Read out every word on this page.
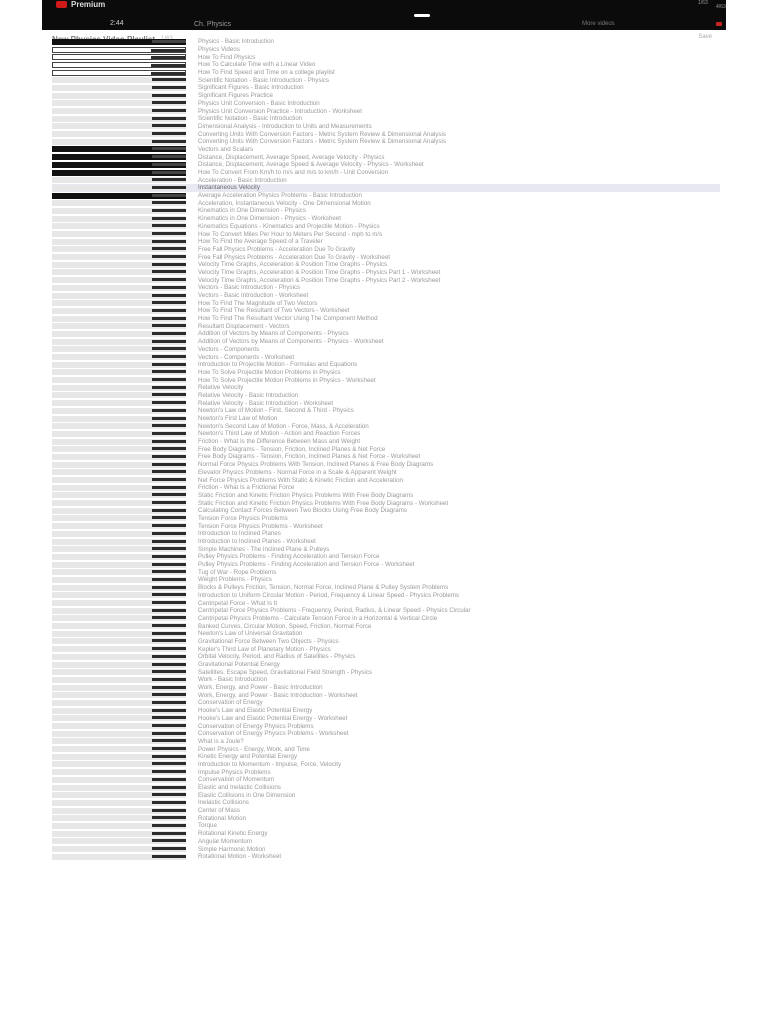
Premium
2:44	Ch. Physics
1/63
4/63
More videos
Save
Physics - Basic Introduction
Physics Videos
How To Find Physics
How To Calculate Time with a Linear Video
How To Find Speed and Time on a college playlist
Scientific Notation - Basic Introduction - Physics
Significant Figures - Basic Introduction
Significant Figures Practice
Physics Unit Conversion - Basic Introduction
Physics Unit Conversion Practice - Introduction - Worksheet
Scientific Notation - Basic Introduction
Dimensional Analysis - Introduction to Units and Measurements
Converting Units With Conversion Factors - Metric System Review & Dimensional Analysis
Converting Units With Conversion Factors - Metric System Review & Dimensional Analysis
Vectors and Scalars
Distance, Displacement, Average Speed, Average Velocity - Physics
Distance, Displacement, Average Speed & Average Velocity - Physics - Worksheet
How To Convert From Km/h to m/s and m/s to km/h - Unit Conversion
Acceleration - Basic Introduction
Instantaneous Velocity
Average Acceleration Physics Problems - Basic Introduction
Acceleration, Instantaneous Velocity - One Dimensional Motion
Kinematics in One Dimension - Physics
Kinematics in One Dimension - Physics - Worksheet
Kinematics Equations - Kinematics and Projectile Motion - Physics
How To Convert Miles Per Hour to Meters Per Second - mph to m/s
How To Find the Average Speed of a Traveler
Free Fall Physics Problems - Acceleration Due To Gravity
Free Fall Physics Problems - Acceleration Due To Gravity - Worksheet
Velocity Time Graphs, Acceleration & Position Time Graphs - Physics
Velocity Time Graphs, Acceleration & Position Time Graphs - Physics Part 1 - Worksheet
Velocity Time Graphs, Acceleration & Position Time Graphs - Physics Part 2 - Worksheet
Vectors - Basic Introduction - Physics
Vectors - Basic Introduction - Worksheet
How To Find The Magnitude of Two Vectors
How To Find The Resultant of Two Vectors - Worksheet
How To Find The Resultant Vector Using The Component Method
Resultant Displacement - Vectors
Addition of Vectors by Means of Components - Physics
Addition of Vectors by Means of Components - Physics - Worksheet
Vectors - Components
Vectors - Components - Worksheet
Introduction to Projectile Motion - Formulas and Equations
How To Solve Projectile Motion Problems in Physics
How To Solve Projectile Motion Problems in Physics - Worksheet
Relative Velocity
Relative Velocity - Basic Introduction
Relative Velocity - Basic Introduction - Worksheet
Newton's Law of Motion - First, Second & Third - Physics
Newton's First Law of Motion
Newton's Second Law of Motion - Force, Mass, & Acceleration
Newton's Third Law of Motion - Action and Reaction Forces
Friction - What Is the Difference Between Mass and Weight
Free Body Diagrams - Tension, Friction, Inclined Planes & Net Force
Free Body Diagrams - Tension, Friction, Inclined Planes & Net Force - Worksheet
Normal Force Physics Problems With Tension, Inclined Planes & Free Body Diagrams
Elevator Physics Problems - Normal Force in a Scale & Apparent Weight
Net Force Physics Problems With Static & Kinetic Friction and Acceleration
Friction - What Is a Frictional Force
Static Friction and Kinetic Friction Physics Problems With Free Body Diagrams
Static Friction and Kinetic Friction Physics Problems With Free Body Diagrams - Worksheet
Calculating Contact Forces Between Two Blocks Using Free Body Diagrams
Tension Force Physics Problems
Tension Force Physics Problems - Worksheet
Introduction to Inclined Planes
Introduction to Inclined Planes - Worksheet
Simple Machines - The Inclined Plane & Pulleys
Pulley Physics Problems - Finding Acceleration and Tension Force
Pulley Physics Problems - Finding Acceleration and Tension Force - Worksheet
Tug of War - Rope Problems
Weight Problems - Physics
Blocks & Pulleys Friction, Tension, Normal Force, Inclined Plane & Pulley System Problems
Introduction to Uniform Circular Motion - Period, Frequency & Linear Speed - Physics Problems
Centripetal Force - What Is It
Centripetal Force Physics Problems - Frequency, Period, Radius, & Linear Speed - Physics Circular
Centripetal Physics Problems - Calculate Tension Force in a Horizontal & Vertical Circle
Banked Curves, Circular Motion, Speed, Friction, Normal Force
Newton's Law of Universal Gravitation
Gravitational Force Between Two Objects - Physics
Kepler's Third Law of Planetary Motion - Physics
Orbital Velocity, Period, and Radius of Satellites - Physics
Gravitational Potential Energy
Satellites, Escape Speed, Gravitational Field Strength - Physics
Work - Basic Introduction
Work, Energy, and Power - Basic Introduction
Work, Energy, and Power - Basic Introduction - Worksheet
Conservation of Energy
Hooke's Law and Elastic Potential Energy
Hooke's Law and Elastic Potential Energy - Worksheet
Conservation of Energy Physics Problems
Conservation of Energy Physics Problems - Worksheet
What is a Joule?
Power Physics - Energy, Work, and Time
Kinetic Energy and Potential Energy
Introduction to Momentum - Impulse, Force, Velocity
Impulse Physics Problems
Conservation of Momentum
Elastic and Inelastic Collisions
Elastic Collisions in One Dimension
Inelastic Collisions
Center of Mass
Rotational Motion
Torque
Rotational Kinetic Energy
Angular Momentum
Simple Harmonic Motion
Rotational Motion - Worksheet
